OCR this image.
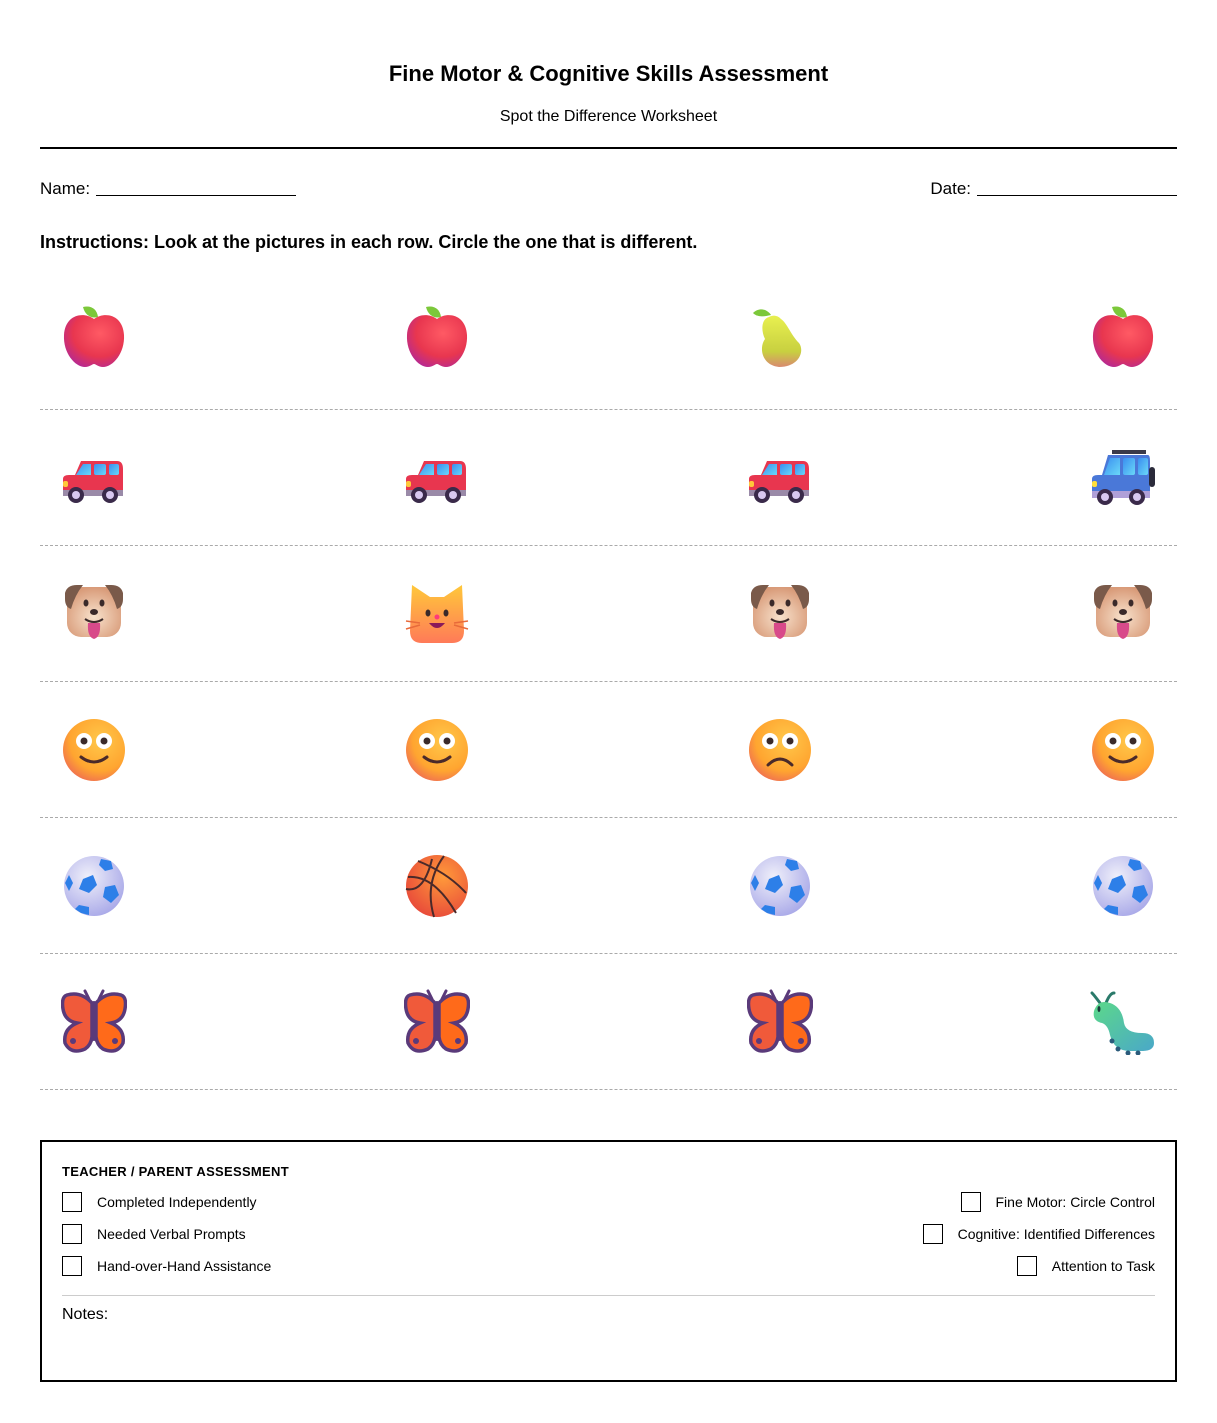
Fine Motor & Cognitive Skills Assessment
Spot the Difference Worksheet
Name:	Date:
Instructions: Look at the pictures in each row. Circle the one that is different.
TEACHER / PARENT ASSESSMENT
Completed Independently
Needed Verbal Prompts
Hand-over-Hand Assistance
Fine Motor: Circle Control
Cognitive: Identified Differences
Attention to Task
Notes:
